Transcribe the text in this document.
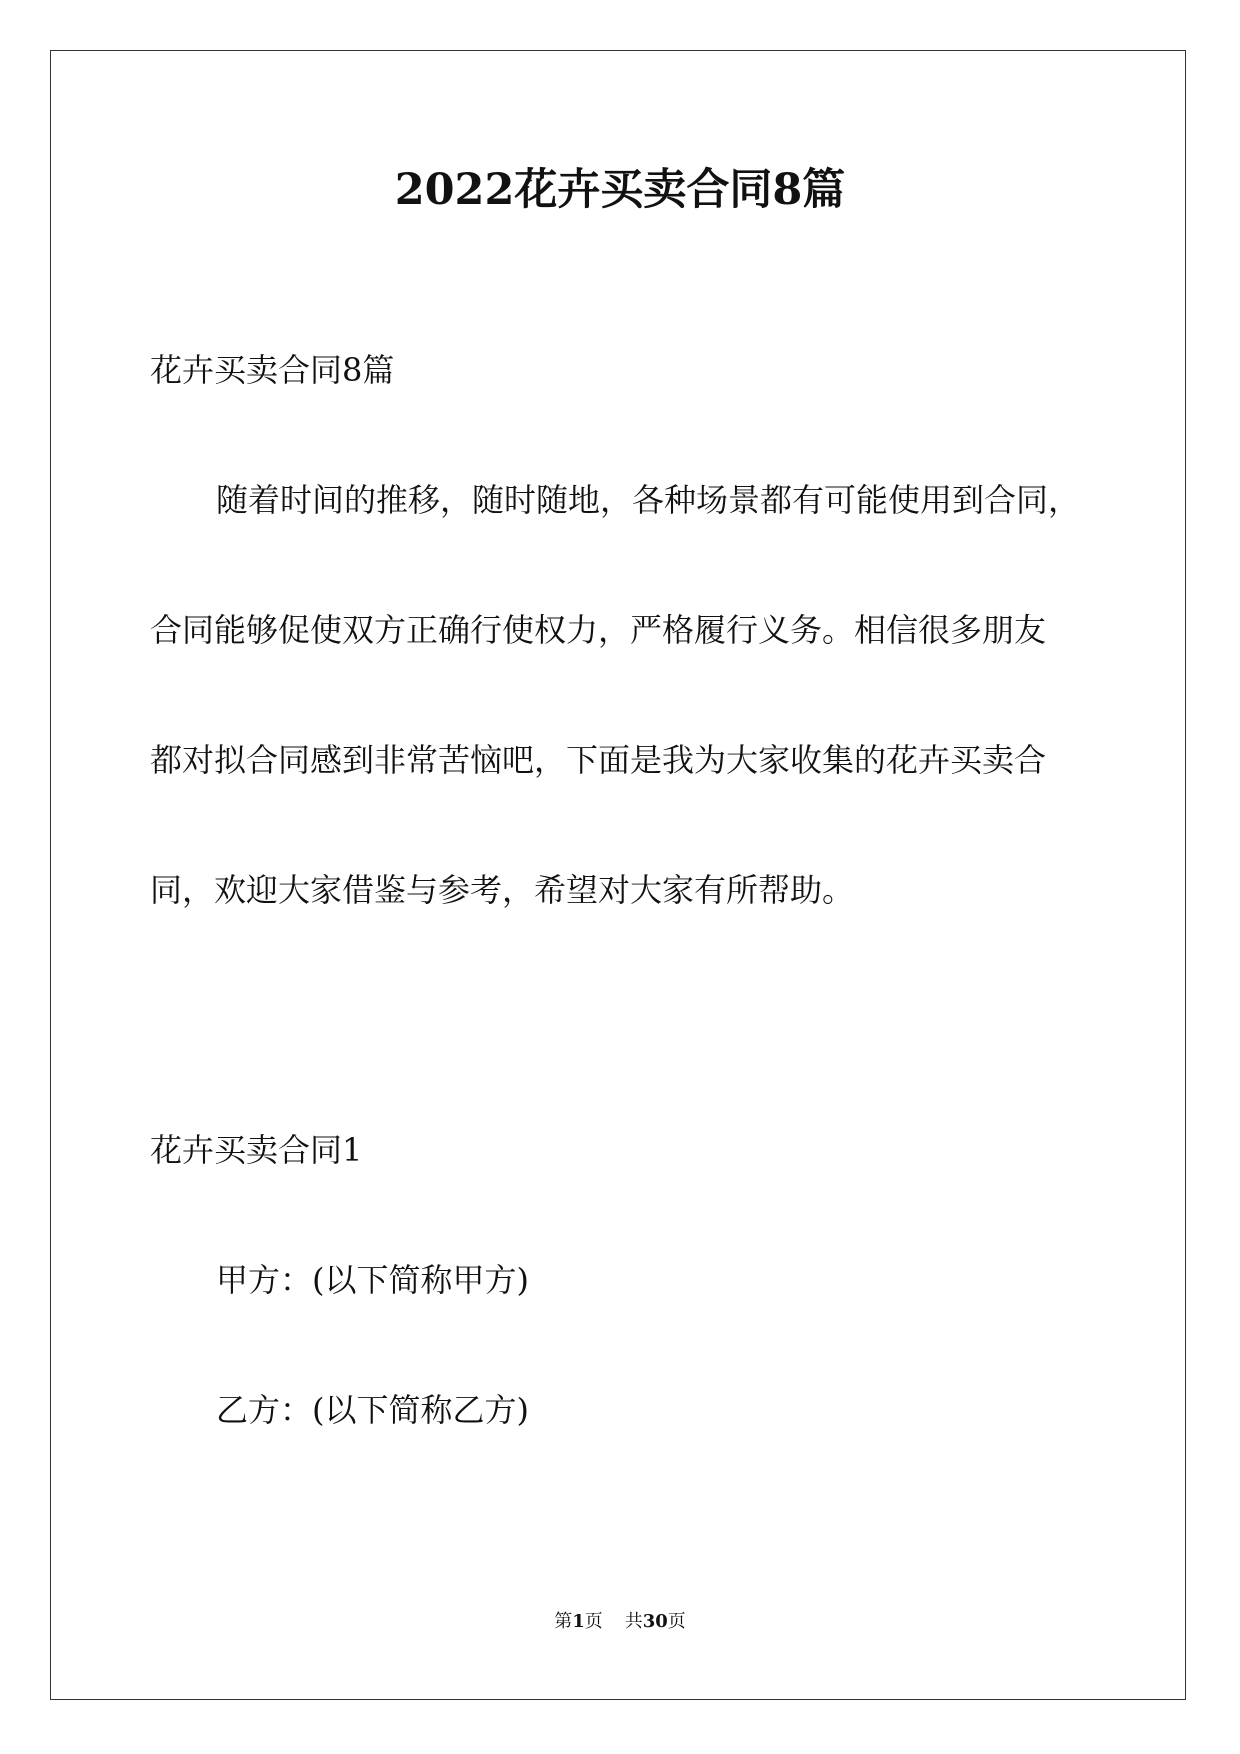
2022花卉买卖合同8篇
花卉买卖合同8篇
随着时间的推移，随时随地，各种场景都有可能使用到合同，
合同能够促使双方正确行使权力，严格履行义务。相信很多朋友
都对拟合同感到非常苦恼吧，下面是我为大家收集的花卉买卖合
同，欢迎大家借鉴与参考，希望对大家有所帮助。
花卉买卖合同1
甲方：(以下简称甲方)
乙方：(以下简称乙方)
第1页 共30页
